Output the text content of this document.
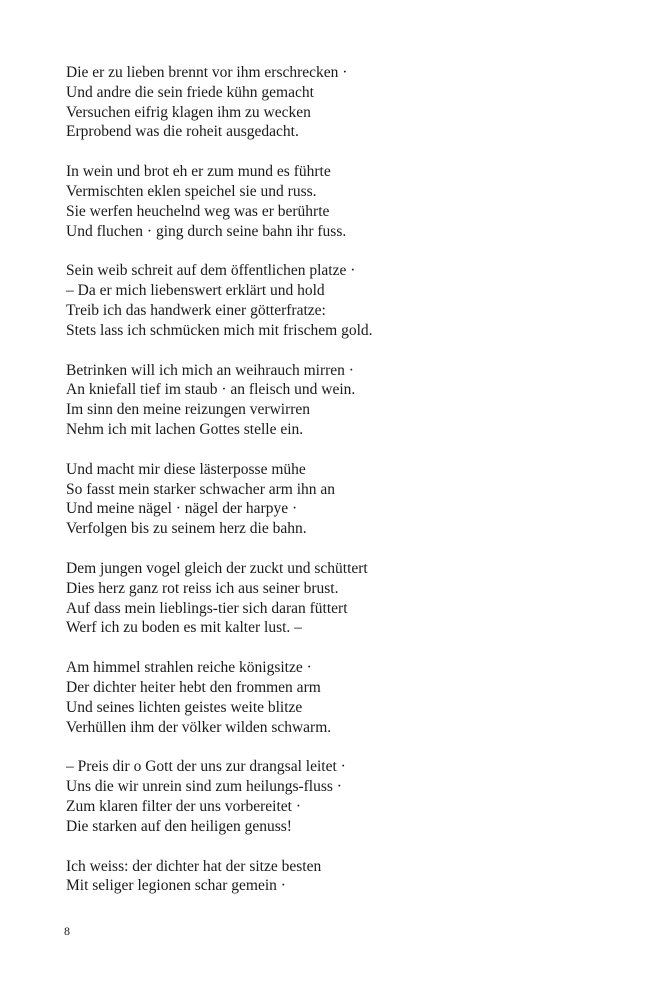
Die er zu lieben brennt vor ihm erschrecken ·
Und andre die sein friede kühn gemacht
Versuchen eifrig klagen ihm zu wecken
Erprobend was die roheit ausgedacht.
In wein und brot eh er zum mund es führte
Vermischten eklen speichel sie und russ.
Sie werfen heuchelnd weg was er berührte
Und fluchen · ging durch seine bahn ihr fuss.
Sein weib schreit auf dem öffentlichen platze ·
– Da er mich liebenswert erklärt und hold
Treib ich das handwerk einer götterfratze:
Stets lass ich schmücken mich mit frischem gold.
Betrinken will ich mich an weihrauch mirren ·
An kniefall tief im staub · an fleisch und wein.
Im sinn den meine reizungen verwirren
Nehm ich mit lachen Gottes stelle ein.
Und macht mir diese lästerposse mühe
So fasst mein starker schwacher arm ihn an
Und meine nägel · nägel der harpye ·
Verfolgen bis zu seinem herz die bahn.
Dem jungen vogel gleich der zuckt und schüttert
Dies herz ganz rot reiss ich aus seiner brust.
Auf dass mein lieblings-tier sich daran füttert
Werf ich zu boden es mit kalter lust. –
Am himmel strahlen reiche königsitze ·
Der dichter heiter hebt den frommen arm
Und seines lichten geistes weite blitze
Verhüllen ihm der völker wilden schwarm.
– Preis dir o Gott der uns zur drangsal leitet ·
Uns die wir unrein sind zum heilungs-fluss ·
Zum klaren filter der uns vorbereitet ·
Die starken auf den heiligen genuss!
Ich weiss: der dichter hat der sitze besten
Mit seliger legionen schar gemein ·
8
